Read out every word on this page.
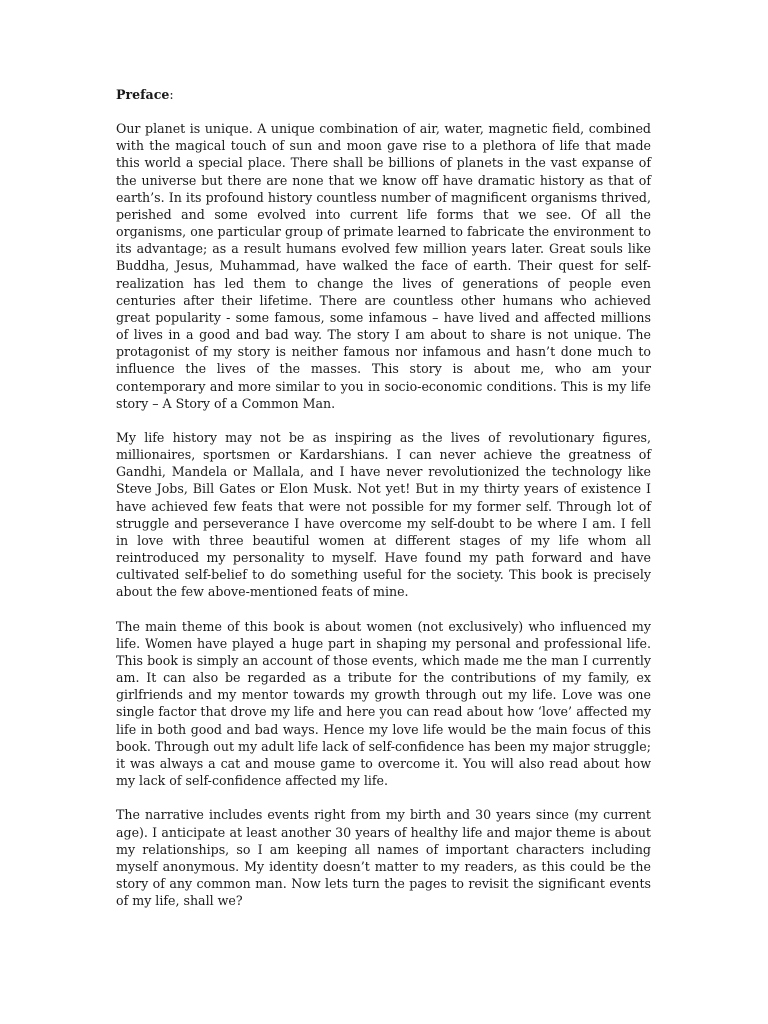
Preface:

Our planet is unique. A unique combination of air, water, magnetic field, combined with the magical touch of sun and moon gave rise to a plethora of life that made this world a special place. There shall be billions of planets in the vast expanse of the universe but there are none that we know off have dramatic history as that of earth’s. In its profound history countless number of magnificent organisms thrived, perished and some evolved into current life forms that we see. Of all the organisms, one particular group of primate learned to fabricate the environment to its advantage; as a result humans evolved few million years later. Great souls like Buddha, Jesus, Muhammad, have walked the face of earth. Their quest for self-realization has led them to change the lives of generations of people even centuries after their lifetime. There are countless other humans who achieved great popularity - some famous, some infamous – have lived and affected millions of lives in a good and bad way. The story I am about to share is not unique. The protagonist of my story is neither famous nor infamous and hasn’t done much to influence the lives of the masses. This story is about me, who am your contemporary and more similar to you in socio-economic conditions. This is my life story – A Story of a Common Man.

My life history may not be as inspiring as the lives of revolutionary figures, millionaires, sportsmen or Kardarshians. I can never achieve the greatness of Gandhi, Mandela or Mallala, and I have never revolutionized the technology like Steve Jobs, Bill Gates or Elon Musk. Not yet! But in my thirty years of existence I have achieved few feats that were not possible for my former self. Through lot of struggle and perseverance I have overcome my self-doubt to be where I am. I fell in love with three beautiful women at different stages of my life whom all reintroduced my personality to myself. Have found my path forward and have cultivated self-belief to do something useful for the society. This book is precisely about the few above-mentioned feats of mine.

The main theme of this book is about women (not exclusively) who influenced my life. Women have played a huge part in shaping my personal and professional life. This book is simply an account of those events, which made me the man I currently am. It can also be regarded as a tribute for the contributions of my family, ex girlfriends and my mentor towards my growth through out my life. Love was one single factor that drove my life and here you can read about how ‘love’ affected my life in both good and bad ways. Hence my love life would be the main focus of this book. Through out my adult life lack of self-confidence has been my major struggle; it was always a cat and mouse game to overcome it. You will also read about how my lack of self-confidence affected my life.

The narrative includes events right from my birth and 30 years since (my current age). I anticipate at least another 30 years of healthy life and major theme is about my relationships, so I am keeping all names of important characters including myself anonymous. My identity doesn’t matter to my readers, as this could be the story of any common man. Now lets turn the pages to revisit the significant events of my life, shall we?
